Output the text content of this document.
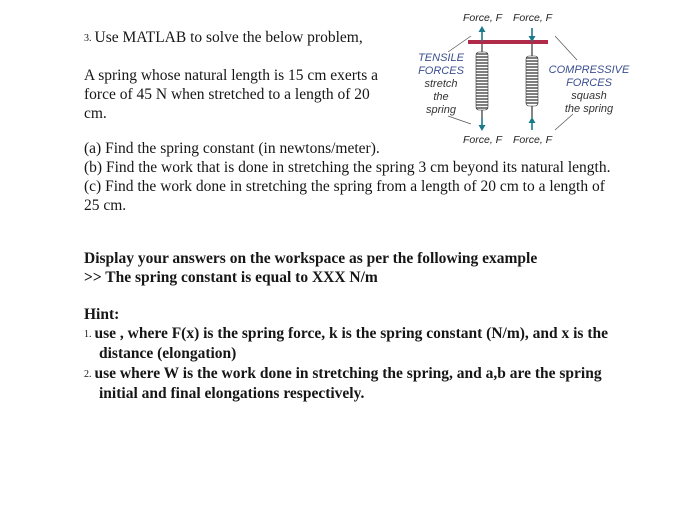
3. Use MATLAB to solve the below problem,
A spring whose natural length is 15 cm exerts a
force of 45 N when stretched to a length of 20
cm.
(a) Find the spring constant (in newtons/meter).
(b) Find the work that is done in stretching the spring 3 cm beyond its natural length.
(c) Find the work done in stretching the spring from a length of 20 cm to a length of
25 cm.
Display your answers on the workspace as per the following example
>> The spring constant is equal to XXX N/m
Hint:
1. use , where F(x) is the spring force, k is the spring constant (N/m), and x is the
distance (elongation)
2. use where W is the work done in stretching the spring, and a,b are the spring
initial and final elongations respectively.
Force, F Force, F
TENSILE
FORCES
stretch
the
spring
COMPRESSIVE
FORCES
squash
the spring
Force, F Force, F
